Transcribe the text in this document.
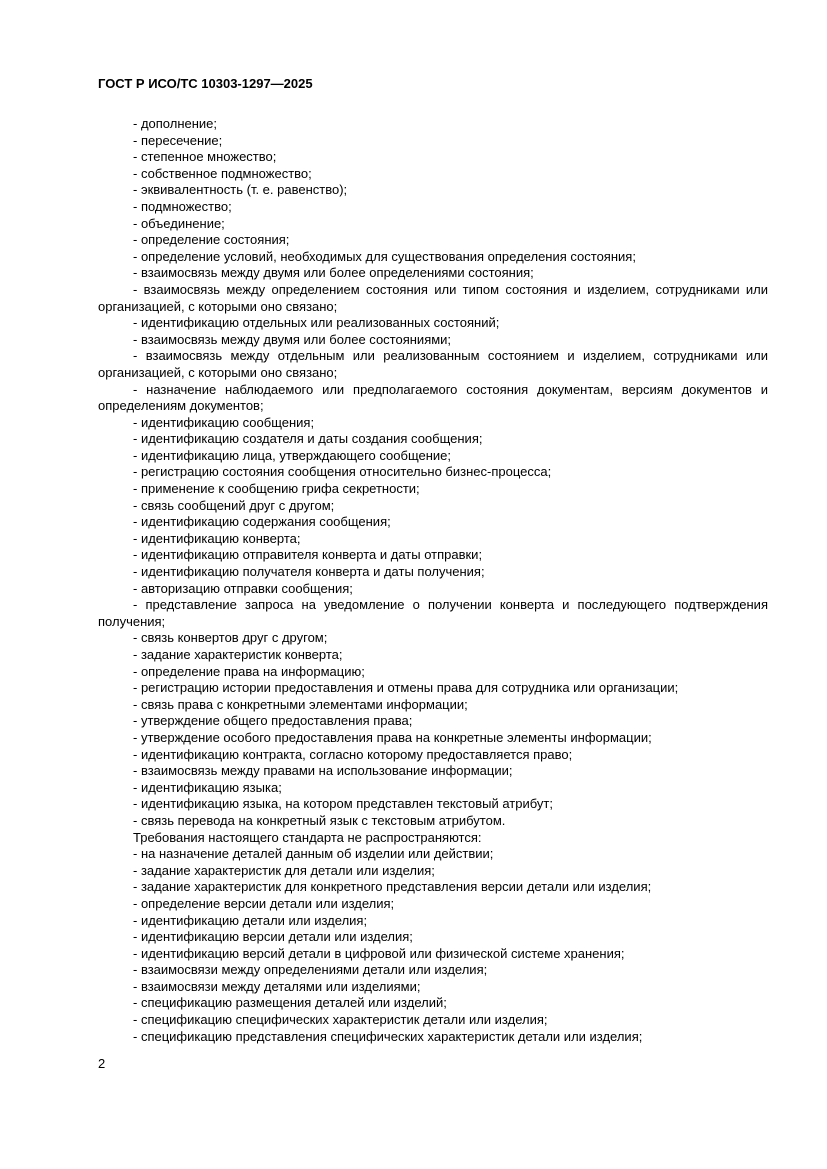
ГОСТ Р ИСО/ТС 10303-1297—2025

- дополнение;

- пересечение;

- степенное множество;

- собственное подмножество;

- эквивалентность (т. е. равенство);

- подмножество;

- объединение;

- определение состояния;

- определение условий, необходимых для существования определения состояния;

- взаимосвязь между двумя или более определениями состояния;

- взаимосвязь между определением состояния или типом состояния и изделием, сотрудниками или организацией, с которыми оно связано;

- идентификацию отдельных или реализованных состояний;

- взаимосвязь между двумя или более состояниями;

- взаимосвязь между отдельным или реализованным состоянием и изделием, сотрудниками или организацией, с которыми оно связано;

- назначение наблюдаемого или предполагаемого состояния документам, версиям документов и определениям документов;

- идентификацию сообщения;

- идентификацию создателя и даты создания сообщения;

- идентификацию лица, утверждающего сообщение;

- регистрацию состояния сообщения относительно бизнес-процесса;

- применение к сообщению грифа секретности;

- связь сообщений друг с другом;

- идентификацию содержания сообщения;

- идентификацию конверта;

- идентификацию отправителя конверта и даты отправки;

- идентификацию получателя конверта и даты получения;

- авторизацию отправки сообщения;

- представление запроса на уведомление о получении конверта и последующего подтверждения получения;

- связь конвертов друг с другом;

- задание характеристик конверта;

- определение права на информацию;

- регистрацию истории предоставления и отмены права для сотрудника или организации;

- связь права с конкретными элементами информации;

- утверждение общего предоставления права;

- утверждение особого предоставления права на конкретные элементы информации;

- идентификацию контракта, согласно которому предоставляется право;

- взаимосвязь между правами на использование информации;

- идентификацию языка;

- идентификацию языка, на котором представлен текстовый атрибут;

- связь перевода на конкретный язык с текстовым атрибутом.

Требования настоящего стандарта не распространяются:

- на назначение деталей данным об изделии или действии;

- задание характеристик для детали или изделия;

- задание характеристик для конкретного представления версии детали или изделия;

- определение версии детали или изделия;

- идентификацию детали или изделия;

- идентификацию версии детали или изделия;

- идентификацию версий детали в цифровой или физической системе хранения;

- взаимосвязи между определениями детали или изделия;

- взаимосвязи между деталями или изделиями;

- спецификацию размещения деталей или изделий;

- спецификацию специфических характеристик детали или изделия;

- спецификацию представления специфических характеристик детали или изделия;

2
